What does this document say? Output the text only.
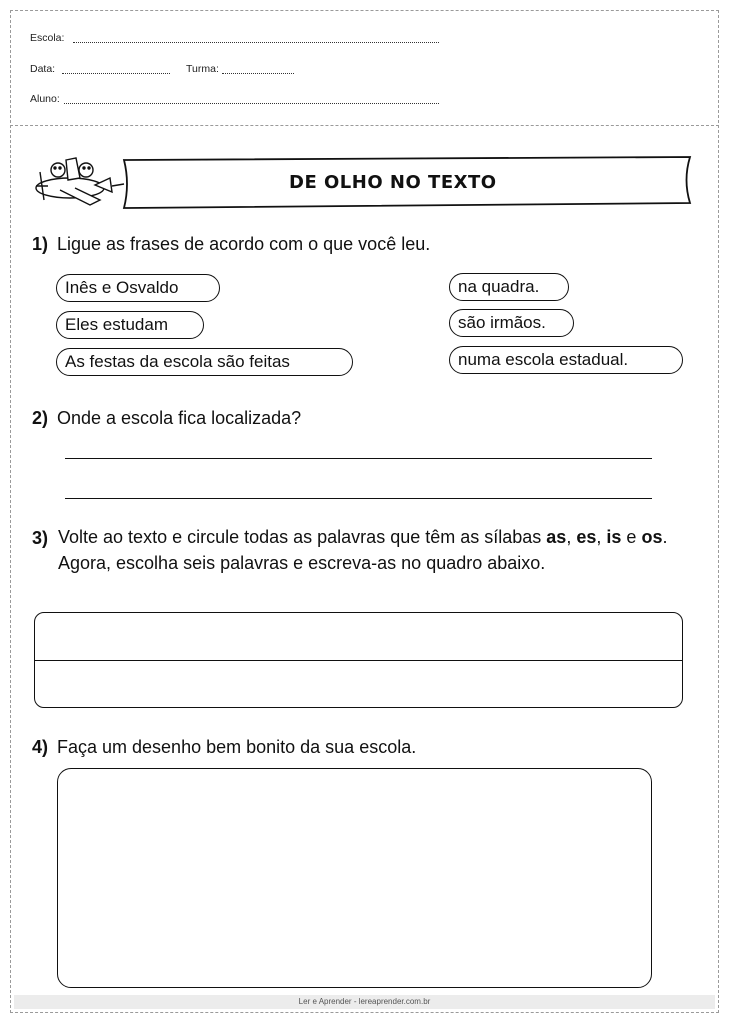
Escola:
Data:	Turma:
Aluno:
DE OLHO NO TEXTO
1) Ligue as frases de acordo com o que você leu.
Inês e Osvaldo
Eles estudam
As festas da escola são feitas
na quadra.
são irmãos.
numa escola estadual.
2) Onde a escola fica localizada?
3) Volte ao texto e circule todas as palavras que têm as sílabas as, es, is e os. Agora, escolha seis palavras e escreva-as no quadro abaixo.
4) Faça um desenho bem bonito da sua escola.
Ler e Aprender - lereaprender.com.br
